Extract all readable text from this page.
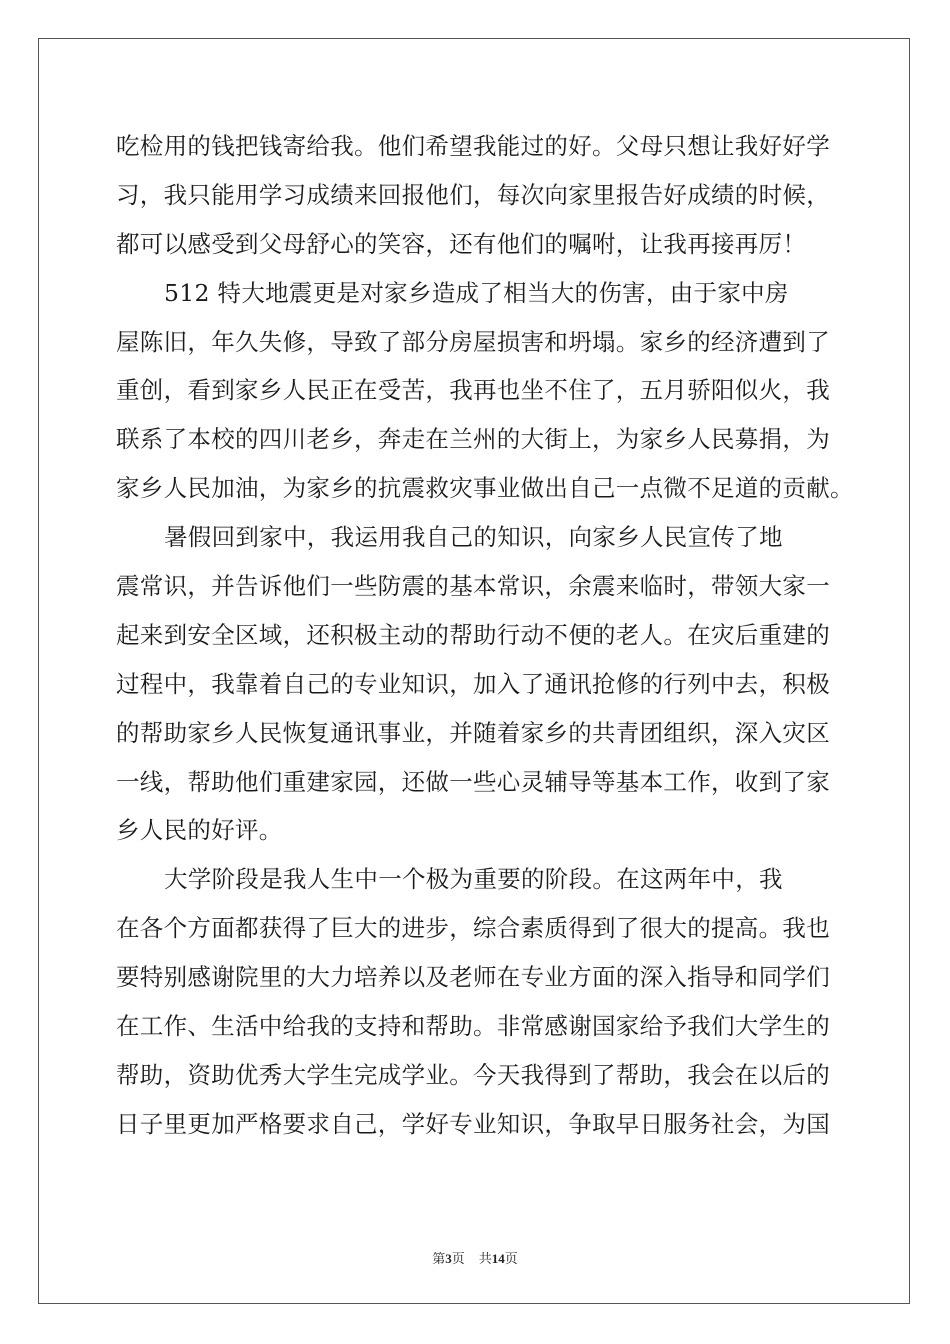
吃检用的钱把钱寄给我。他们希望我能过的好。父母只想让我好好学
习，我只能用学习成绩来回报他们，每次向家里报告好成绩的时候，
都可以感受到父母舒心的笑容，还有他们的嘱咐，让我再接再厉！
512 特大地震更是对家乡造成了相当大的伤害，由于家中房
屋陈旧，年久失修，导致了部分房屋损害和坍塌。家乡的经济遭到了
重创，看到家乡人民正在受苦，我再也坐不住了，五月骄阳似火，我
联系了本校的四川老乡，奔走在兰州的大街上，为家乡人民募捐，为
家乡人民加油，为家乡的抗震救灾事业做出自己一点微不足道的贡献。
暑假回到家中，我运用我自己的知识，向家乡人民宣传了地
震常识，并告诉他们一些防震的基本常识，余震来临时，带领大家一
起来到安全区域，还积极主动的帮助行动不便的老人。在灾后重建的
过程中，我靠着自己的专业知识，加入了通讯抢修的行列中去，积极
的帮助家乡人民恢复通讯事业，并随着家乡的共青团组织，深入灾区
一线，帮助他们重建家园，还做一些心灵辅导等基本工作，收到了家
乡人民的好评。
大学阶段是我人生中一个极为重要的阶段。在这两年中，我
在各个方面都获得了巨大的进步，综合素质得到了很大的提高。我也
要特别感谢院里的大力培养以及老师在专业方面的深入指导和同学们
在工作、生活中给我的支持和帮助。非常感谢国家给予我们大学生的
帮助，资助优秀大学生完成学业。今天我得到了帮助，我会在以后的
日子里更加严格要求自己，学好专业知识，争取早日服务社会，为国
第3页 共14页
